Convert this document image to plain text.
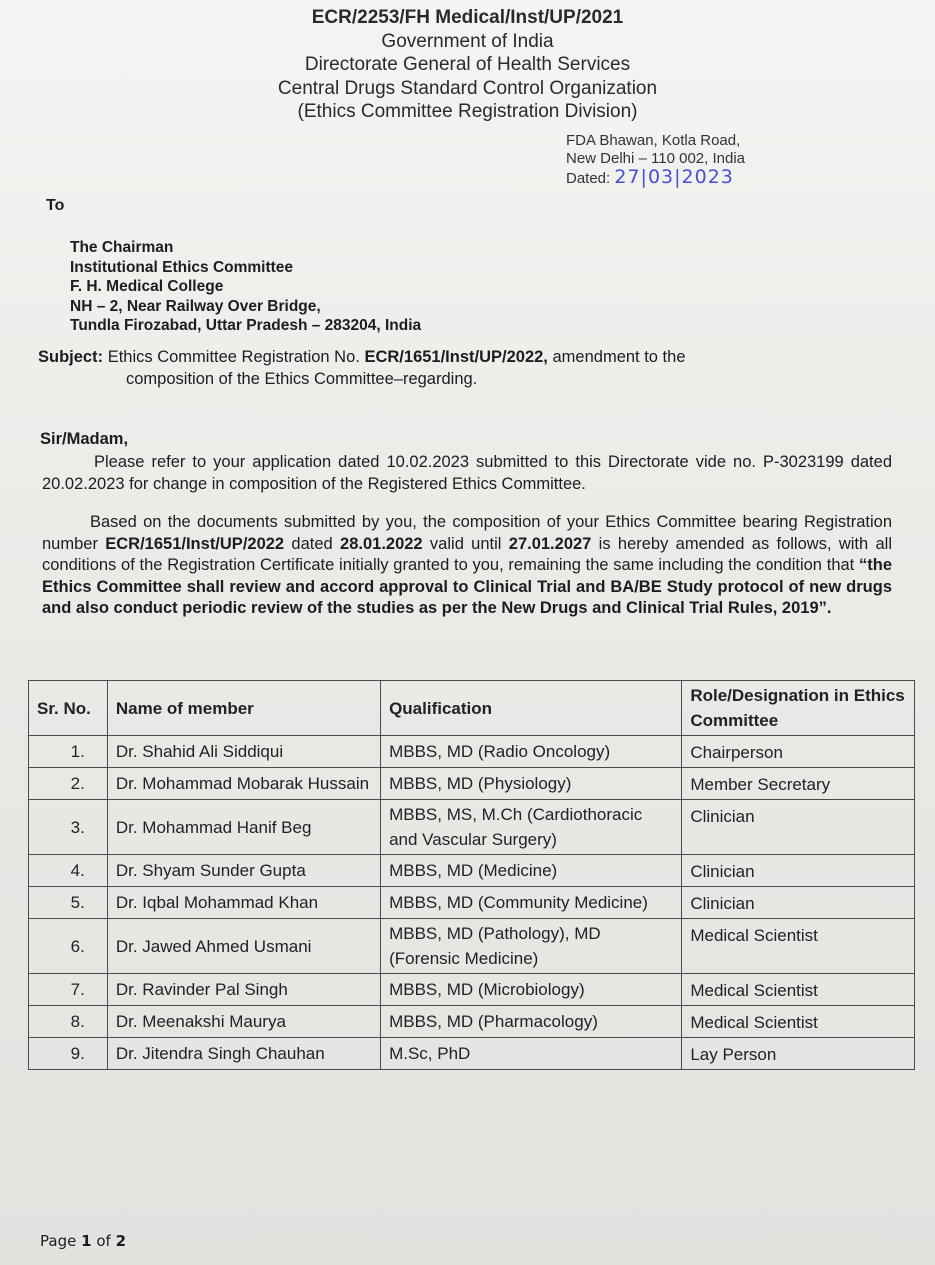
ECR/2253/FH Medical/Inst/UP/2021
Government of India
Directorate General of Health Services
Central Drugs Standard Control Organization
(Ethics Committee Registration Division)
FDA Bhawan, Kotla Road,
New Delhi – 110 002, India
Dated: 27|03|2023
To
The Chairman
Institutional Ethics Committee
F. H. Medical College
NH – 2, Near Railway Over Bridge,
Tundla Firozabad, Uttar Pradesh – 283204, India
Subject: Ethics Committee Registration No. ECR/1651/Inst/UP/2022, amendment to the
composition of the Ethics Committee–regarding.
Sir/Madam,
Please refer to your application dated 10.02.2023 submitted to this Directorate vide no. P-3023199 dated 20.02.2023 for change in composition of the Registered Ethics Committee.
Based on the documents submitted by you, the composition of your Ethics Committee bearing Registration number ECR/1651/Inst/UP/2022 dated 28.01.2022 valid until 27.01.2027 is hereby amended as follows, with all conditions of the Registration Certificate initially granted to you, remaining the same including the condition that “the Ethics Committee shall review and accord approval to Clinical Trial and BA/BE Study protocol of new drugs and also conduct periodic review of the studies as per the New Drugs and Clinical Trial Rules, 2019”.
Sr. No.	Name of member	Qualification	Role/Designation in Ethics Committee
1.	Dr. Shahid Ali Siddiqui	MBBS, MD (Radio Oncology)	Chairperson
2.	Dr. Mohammad Mobarak Hussain	MBBS, MD (Physiology)	Member Secretary
3.	Dr. Mohammad Hanif Beg	MBBS, MS, M.Ch (Cardiothoracic and Vascular Surgery)	Clinician
4.	Dr. Shyam Sunder Gupta	MBBS, MD (Medicine)	Clinician
5.	Dr. Iqbal Mohammad Khan	MBBS, MD (Community Medicine)	Clinician
6.	Dr. Jawed Ahmed Usmani	MBBS, MD (Pathology), MD (Forensic Medicine)	Medical Scientist
7.	Dr. Ravinder Pal Singh	MBBS, MD (Microbiology)	Medical Scientist
8.	Dr. Meenakshi Maurya	MBBS, MD (Pharmacology)	Medical Scientist
9.	Dr. Jitendra Singh Chauhan	M.Sc, PhD	Lay Person
Page 1 of 2
